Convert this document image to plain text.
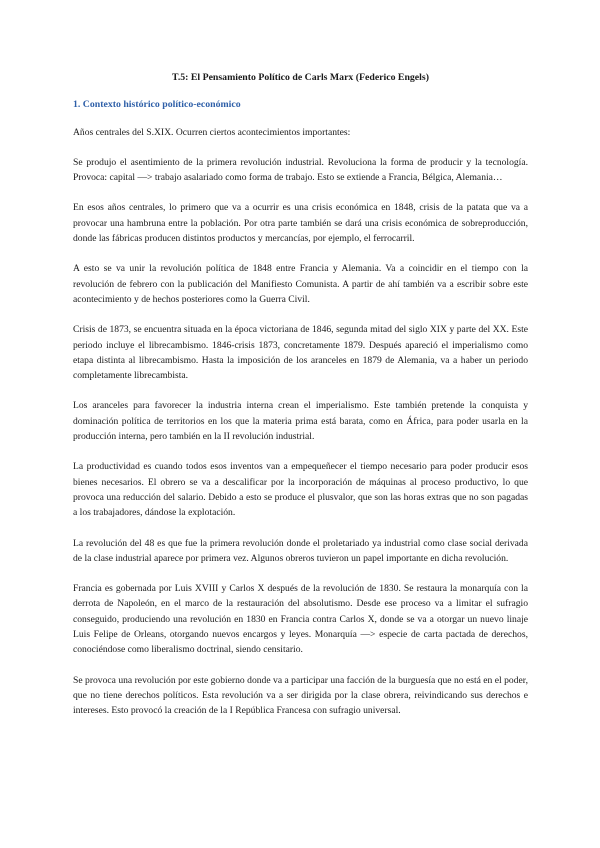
T.5: El Pensamiento Político de Carls Marx (Federico Engels)
1. Contexto histórico político-económico

Años centrales del S.XIX. Ocurren ciertos acontecimientos importantes:

Se produjo el asentimiento de la primera revolución industrial. Revoluciona la forma de producir y la tecnología. Provoca: capital —> trabajo asalariado como forma de trabajo. Esto se extiende a Francia, Bélgica, Alemania…

En esos años centrales, lo primero que va a ocurrir es una crisis económica en 1848, crisis de la patata que va a provocar una hambruna entre la población. Por otra parte también se dará una crisis económica de sobreproducción, donde las fábricas producen distintos productos y mercancías, por ejemplo, el ferrocarril.

A esto se va unir la revolución política de 1848 entre Francia y Alemania. Va a coincidir en el tiempo con la revolución de febrero con la publicación del Manifiesto Comunista. A partir de ahí también va a escribir sobre este acontecimiento y de hechos posteriores como la Guerra Civil.

Crisis de 1873, se encuentra situada en la época victoriana de 1846, segunda mitad del siglo XIX y parte del XX. Este periodo incluye el librecambismo. 1846-crisis 1873, concretamente 1879. Después apareció el imperialismo como etapa distinta al librecambismo. Hasta la imposición de los aranceles en 1879 de Alemania, va a haber un periodo completamente librecambista.

Los aranceles para favorecer la industria interna crean el imperialismo. Este también pretende la conquista y dominación política de territorios en los que la materia prima está barata, como en África, para poder usarla en la producción interna, pero también en la II revolución industrial.

La productividad es cuando todos esos inventos van a empequeñecer el tiempo necesario para poder producir esos bienes necesarios. El obrero se va a descalificar por la incorporación de máquinas al proceso productivo, lo que provoca una reducción del salario. Debido a esto se produce el plusvalor, que son las horas extras que no son pagadas a los trabajadores, dándose la explotación.

La revolución del 48 es que fue la primera revolución donde el proletariado ya industrial como clase social derivada de la clase industrial aparece por primera vez. Algunos obreros tuvieron un papel importante en dicha revolución.

Francia es gobernada por Luis XVIII y Carlos X después de la revolución de 1830. Se restaura la monarquía con la derrota de Napoleón, en el marco de la restauración del absolutismo. Desde ese proceso va a limitar el sufragio conseguido, produciendo una revolución en 1830 en Francia contra Carlos X, donde se va a otorgar un nuevo linaje Luis Felipe de Orleans, otorgando nuevos encargos y leyes. Monarquía —> especie de carta pactada de derechos, conociéndose como liberalismo doctrinal, siendo censitario.

Se provoca una revolución por este gobierno donde va a participar una facción de la burguesía que no está en el poder, que no tiene derechos políticos. Esta revolución va a ser dirigida por la clase obrera, reivindicando sus derechos e intereses. Esto provocó la creación de la I República Francesa con sufragio universal.
